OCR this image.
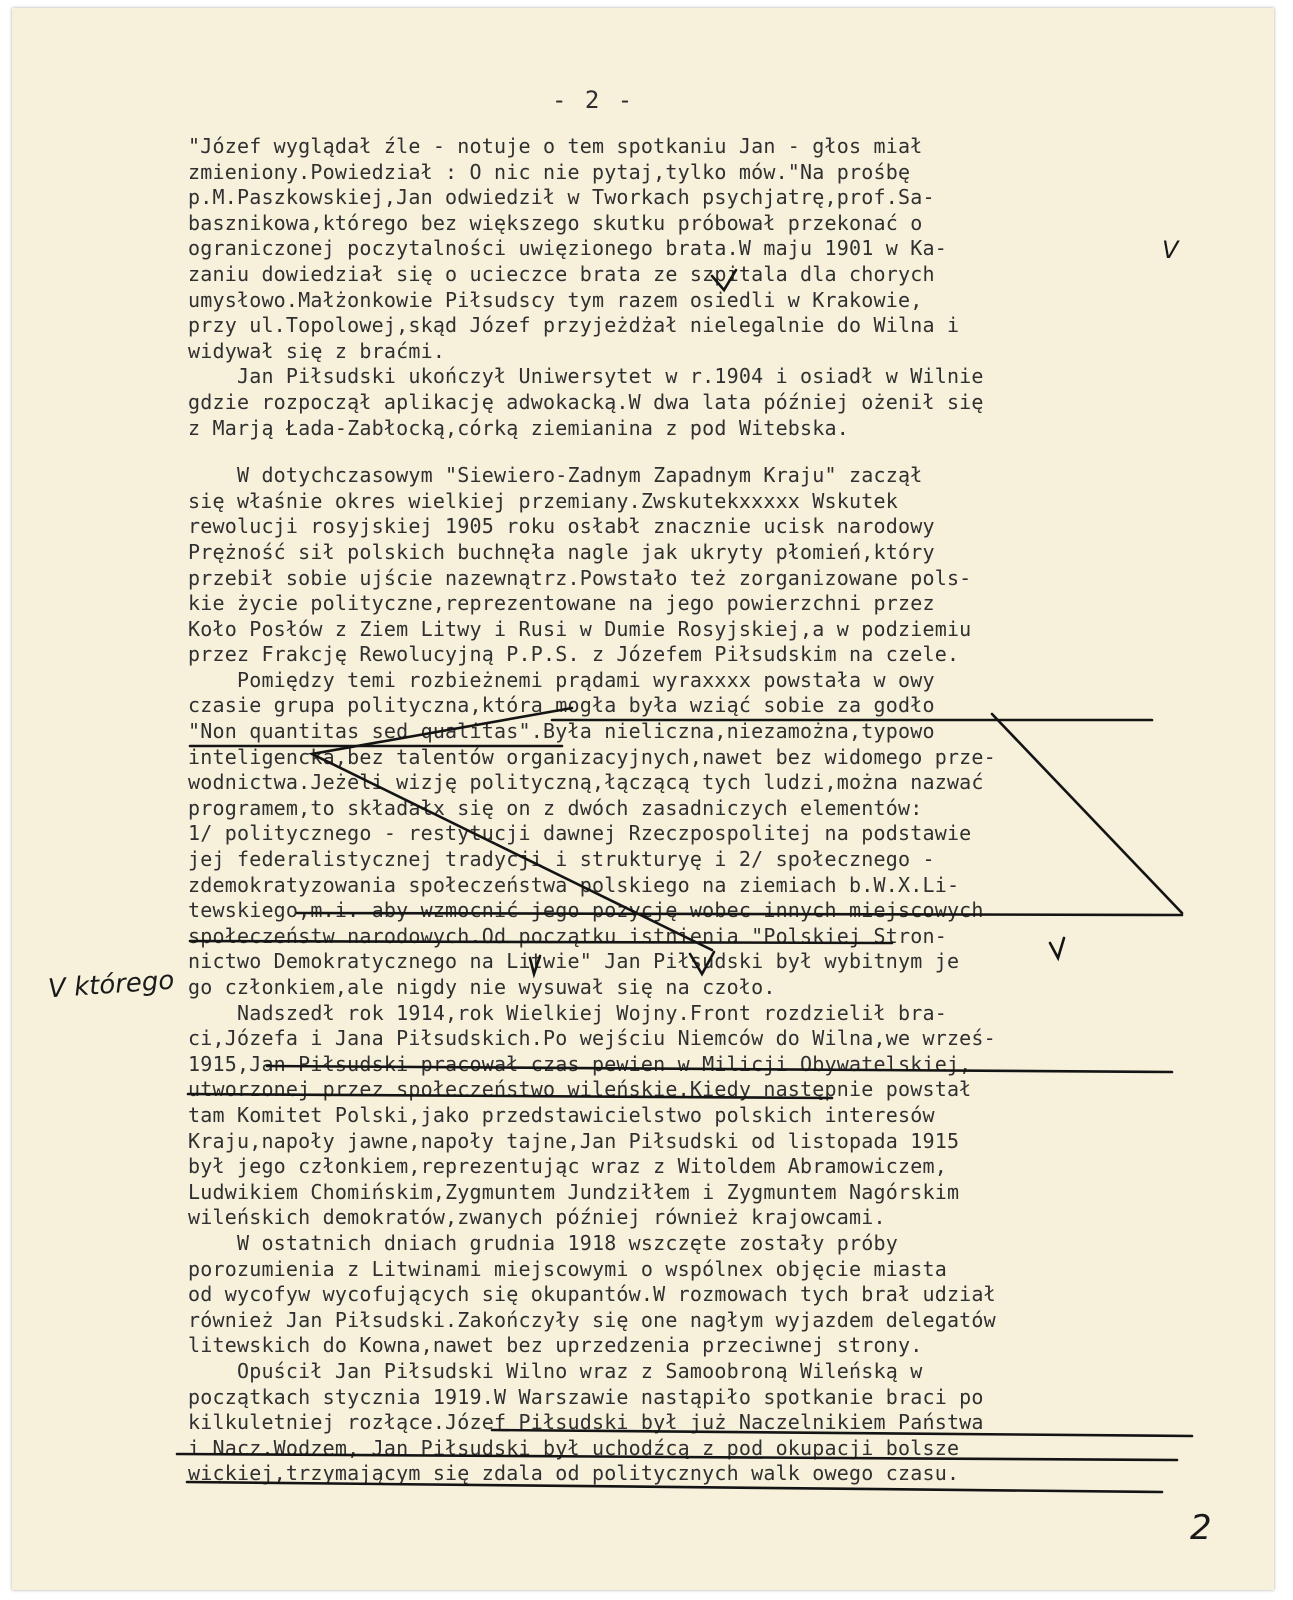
- 2 -
"Józef wyglądał źle - notuje o tem spotkaniu Jan - głos miał
zmieniony.Powiedział : O nic nie pytaj,tylko mów."Na prośbę
p.M.Paszkowskiej,Jan odwiedził w Tworkach psychjatrę,prof.Sa-
basznikowa,którego bez większego skutku próbował przekonać o
ograniczonej poczytalności uwięzionego brata.W maju 1901 w Ka-
zaniu dowiedział się o ucieczce brata ze szpitala dla chorych
umysłowo.Małżonkowie Piłsudscy tym razem osiedli w Krakowie,
przy ul.Topolowej,skąd Józef przyjeżdżał nielegalnie do Wilna i
widywał się z braćmi.
Jan Piłsudski ukończył Uniwersytet w r.1904 i osiadł w Wilnie
gdzie rozpoczął aplikację adwokacką.W dwa lata później ożenił się
z Marją Łada-Zabłocką,córką ziemianina z pod Witebska.
W dotychczasowym "Siewiero-Zadnym Zapadnym Kraju" zaczął
się właśnie okres wielkiej przemiany.Zwskutekxxxxx Wskutek
rewolucji rosyjskiej 1905 roku osłabł znacznie ucisk narodowy
Prężność sił polskich buchnęła nagle jak ukryty płomień,który
przebił sobie ujście nazewnątrz.Powstało też zorganizowane pols-
kie życie polityczne,reprezentowane na jego powierzchni przez
Koło Posłów z Ziem Litwy i Rusi w Dumie Rosyjskiej,a w podziemiu
przez Frakcję Rewolucyjną P.P.S. z Józefem Piłsudskim na czele.
Pomiędzy temi rozbieżnemi prądami wyraxxxx powstała w owy
czasie grupa polityczna,która mogła była wziąć sobie za godło
"Non quantitas sed qualitas".Była nieliczna,niezamożna,typowo
inteligencka,bez talentów organizacyjnych,nawet bez widomego prze-
wodnictwa.Jeżeli wizję polityczną,łączącą tych ludzi,można nazwać
programem,to składałx się on z dwóch zasadniczych elementów:
1/ politycznego - restytucji dawnej Rzeczpospolitej na podstawie
jej federalistycznej tradycji i strukturyę i 2/ społecznego -
zdemokratyzowania społeczeństwa polskiego na ziemiach b.W.X.Li-
tewskiego,m.i. aby wzmocnić jego pozycję wobec innych miejscowych
społeczeństw narodowych.Od początku istnienia "Polskiej Stron-
nictwo Demokratycznego na Litwie" Jan Piłsudski był wybitnym je
go członkiem,ale nigdy nie wysuwał się na czoło.
Nadszedł rok 1914,rok Wielkiej Wojny.Front rozdzielił bra-
ci,Józefa i Jana Piłsudskich.Po wejściu Niemców do Wilna,we wrześ-
1915,Jan Piłsudski pracował czas pewien w Milicji Obywatelskiej,
utworzonej przez społeczeństwo wileńskie.Kiedy następnie powstał
tam Komitet Polski,jako przedstawicielstwo polskich interesów
Kraju,napoły jawne,napoły tajne,Jan Piłsudski od listopada 1915
był jego członkiem,reprezentując wraz z Witoldem Abramowiczem,
Ludwikiem Chomińskim,Zygmuntem Jundziłłem i Zygmuntem Nagórskim
wileńskich demokratów,zwanych później również krajowcami.
W ostatnich dniach grudnia 1918 wszczęte zostały próby
porozumienia z Litwinami miejscowymi o wspólnex objęcie miasta
od wycofyw wycofujących się okupantów.W rozmowach tych brał udział
również Jan Piłsudski.Zakończyły się one nagłym wyjazdem delegatów
litewskich do Kowna,nawet bez uprzedzenia przeciwnej strony.
Opuścił Jan Piłsudski Wilno wraz z Samoobroną Wileńską w
początkach stycznia 1919.W Warszawie nastąpiło spotkanie braci po
kilkuletniej rozłące.Józef Piłsudski był już Naczelnikiem Państwa
i Nacz.Wodzem, Jan Piłsudski był uchodźcą z pod okupacji bolsze
wickiej,trzymającym się zdala od politycznych walk owego czasu.
V którego
V
2
